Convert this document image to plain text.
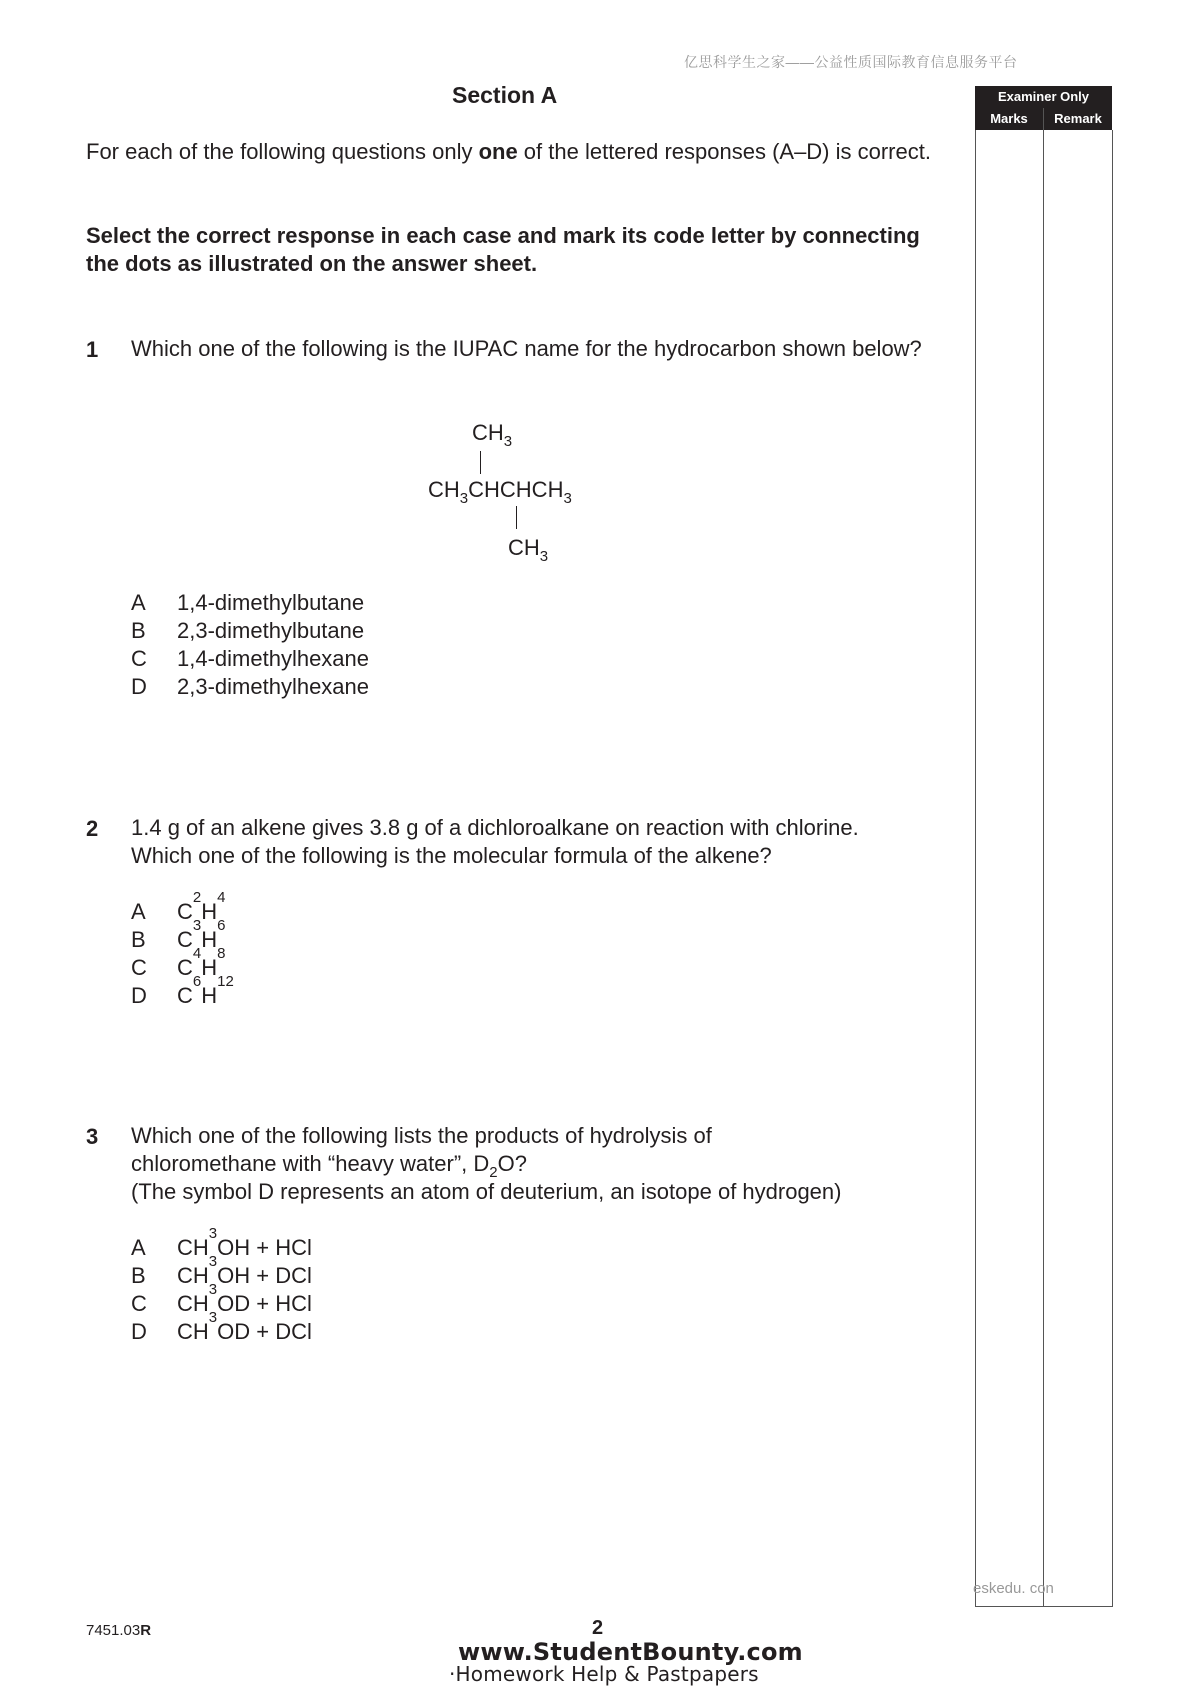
亿思科学生之家——公益性质国际教育信息服务平台
Section A	Examiner Only
Marks	Remark
eskedu. con
For each of the following questions only one of the lettered responses (A–D) is correct.
Select the correct response in each case and mark its code letter by connecting the dots as illustrated on the answer sheet.
1 Which one of the following is the IUPAC name for the hydrocarbon shown below?
$CH_3$
$CH_3CHCHCH_3$
$CH_3$
A	1,4-dimethylbutane
B	2,3-dimethylbutane
C	1,4-dimethylhexane
D	2,3-dimethylhexane
2 1.4 g of an alkene gives 3.8 g of a dichloroalkane on reaction with chlorine.
Which one of the following is the molecular formula of the alkene?
A	C
2
H
4
B	C
3
H
6
C	C
4
H
8
D	C
6
H
12
3 Which one of the following lists the products of hydrolysis of
chloromethane with “heavy water”, $D_2O$?
(The symbol D represents an atom of deuterium, an isotope of hydrogen)
A	CH
3
OH + HCl
B	CH
3
OH + DCl
C	CH
3
OD + HCl
D	CH
3
OD + DCl
7451.03R	2
www.StudentBounty.com
·Homework Help & Pastpapers
